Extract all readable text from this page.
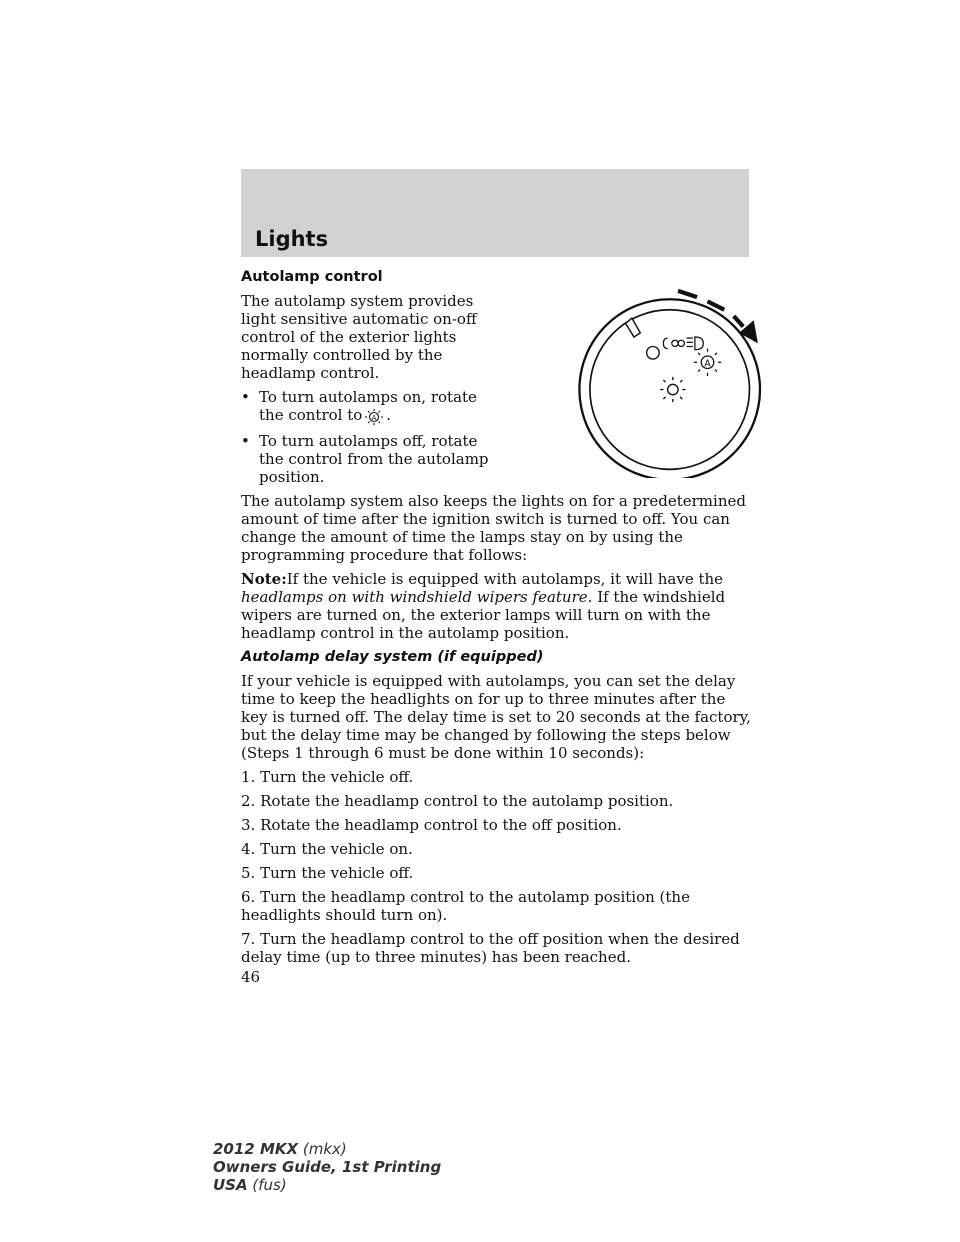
Lights
A
Autolamp control

The autolamp system provides light sensitive automatic on-off control of the exterior lights normally controlled by the headlamp control.

• To turn autolamps on, rotate the control to A .
• To turn autolamps off, rotate the control from the autolamp position.

The autolamp system also keeps the lights on for a predetermined amount of time after the ignition switch is turned to off. You can change the amount of time the lamps stay on by using the programming procedure that follows:

Note:If the vehicle is equipped with autolamps, it will have the headlamps on with windshield wipers feature. If the windshield wipers are turned on, the exterior lamps will turn on with the headlamp control in the autolamp position.

Autolamp delay system (if equipped)

If your vehicle is equipped with autolamps, you can set the delay time to keep the headlights on for up to three minutes after the key is turned off. The delay time is set to 20 seconds at the factory, but the delay time may be changed by following the steps below (Steps 1 through 6 must be done within 10 seconds):

1. Turn the vehicle off.

2. Rotate the headlamp control to the autolamp position.

3. Rotate the headlamp control to the off position.

4. Turn the vehicle on.

5. Turn the vehicle off.

6. Turn the headlamp control to the autolamp position (the headlights should turn on).

7. Turn the headlamp control to the off position when the desired delay time (up to three minutes) has been reached.

46

2012 MKX (mkx)
Owners Guide, 1st Printing
USA (fus)
